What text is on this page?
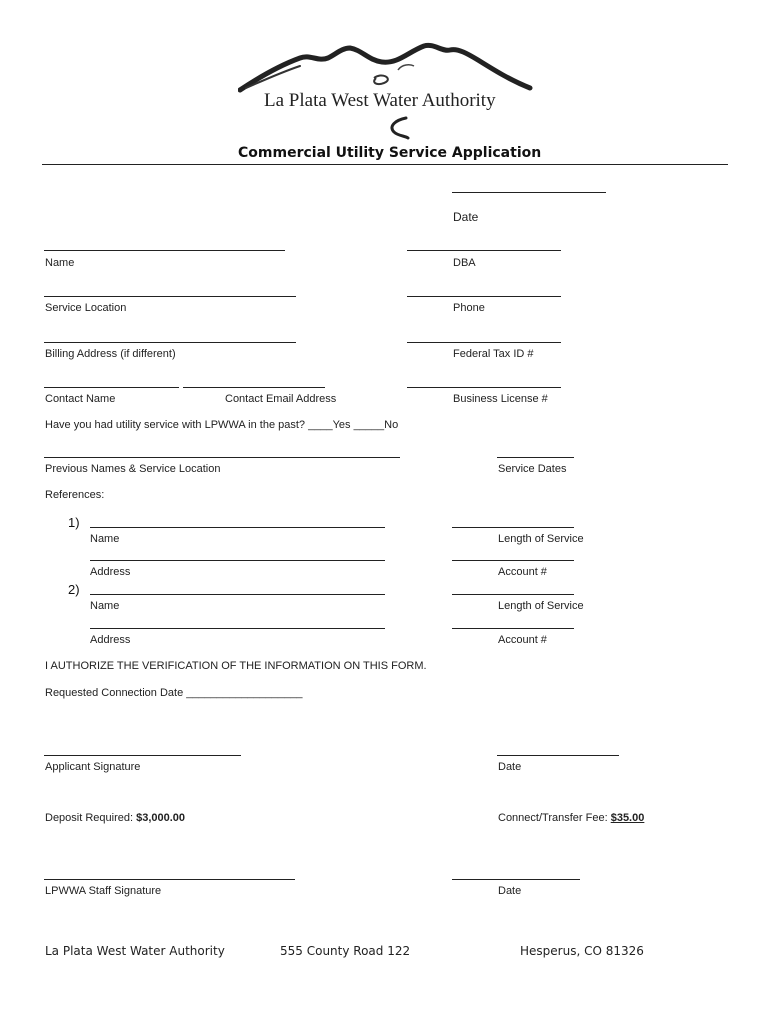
La Plata West Water Authority
Commercial Utility Service Application
Date
Name	DBA
Service Location	Phone
Billing Address (if different)	Federal Tax ID #
Contact Name	Contact Email Address	Business License #
Have you had utility service with LPWWA in the past? ____Yes _____No
Previous Names & Service Location	Service Dates
References:
1)
Name	Length of Service
Address	Account #
2)
Name	Length of Service
Address	Account #
I AUTHORIZE THE VERIFICATION OF THE INFORMATION ON THIS FORM.
Requested Connection Date ___________________
Applicant Signature	Date
Deposit Required: $3,000.00	Connect/Transfer Fee: $35.00
LPWWA Staff Signature	Date
La Plata West Water Authority	555 County Road 122	Hesperus, CO 81326
